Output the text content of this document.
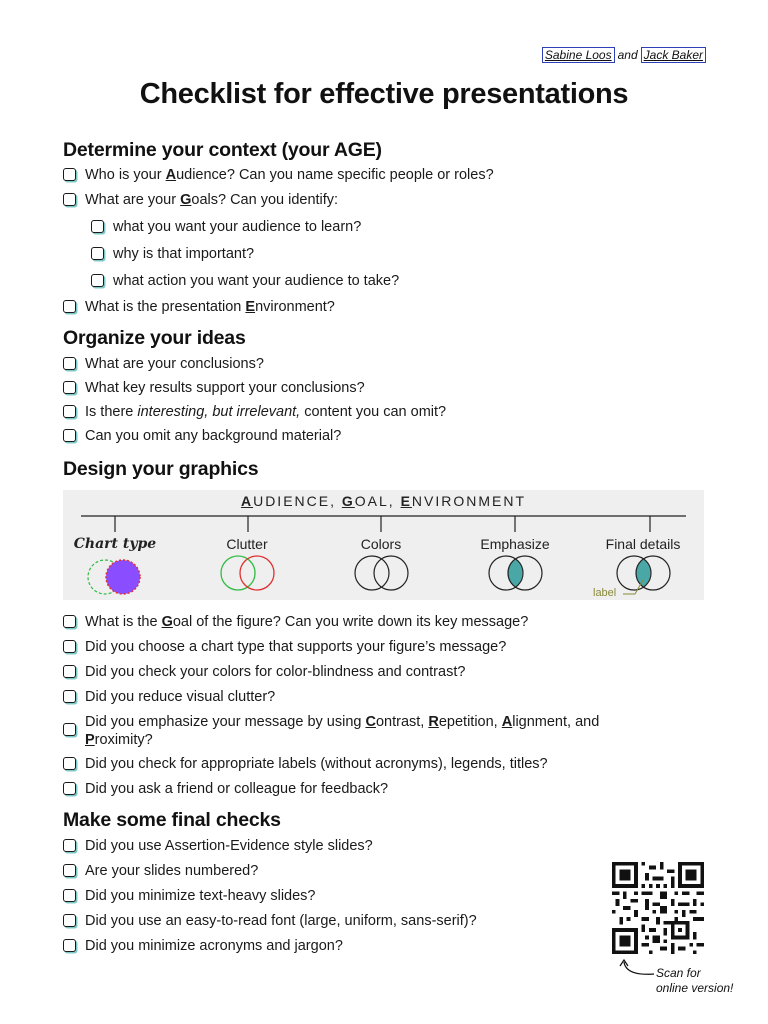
Sabine Loos and Jack Baker
Checklist for effective presentations
Determine your context (your AGE)
Who is your Audience? Can you name specific people or roles?
What are your Goals? Can you identify:
what you want your audience to learn?
why is that important?
what action you want your audience to take?
What is the presentation Environment?
Organize your ideas
What are your conclusions?
What key results support your conclusions?
Is there interesting, but irrelevant, content you can omit?
Can you omit any background material?
Design your graphics
AUDIENCE, GOAL, ENVIRONMENT
Chart type	Clutter	Colors	Emphasize	Final details
label
What is the Goal of the figure? Can you write down its key message?
Did you choose a chart type that supports your figure’s message?
Did you check your colors for color-blindness and contrast?
Did you reduce visual clutter?
Did you emphasize your message by using Contrast, Repetition, Alignment, and
Proximity?
Did you check for appropriate labels (without acronyms), legends, titles?
Did you ask a friend or colleague for feedback?
Make some final checks
Did you use Assertion-Evidence style slides?
Are your slides numbered?
Did you minimize text-heavy slides?
Did you use an easy-to-read font (large, uniform, sans-serif)?
Did you minimize acronyms and jargon?
Scan for
online version!
